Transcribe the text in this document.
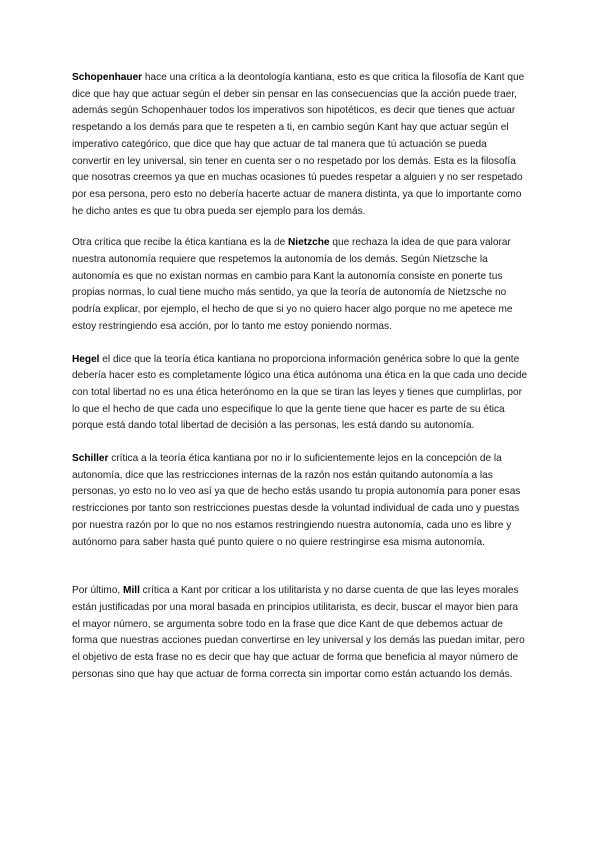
Schopenhauer hace una crítica a la deontología kantiana, esto es que critica la filosofía de Kant que dice que hay que actuar según el deber sin pensar en las consecuencias que la acción puede traer, además según Schopenhauer todos los imperativos son hipotéticos, es decir que tienes que actuar respetando a los demás para que te respeten a ti, en cambio según Kant hay que actuar según el imperativo categórico, que dice que hay que actuar de tal manera que tú actuación se pueda convertir en ley universal, sin tener en cuenta ser o no respetado por los demás. Esta es la filosofía que nosotras creemos ya que en muchas ocasiones tú puedes respetar a alguien y no ser respetado por esa persona, pero esto no debería hacerte actuar de manera distinta, ya que lo importante como he dicho antes es que tu obra pueda ser ejemplo para los demás.

Otra crítica que recibe la ética kantiana es la de Nietzche que rechaza la idea de que para valorar nuestra autonomía requiere que respetemos la autonomía de los demás. Según Nietzsche la autonomía es que no existan normas en cambio para Kant la autonomía consiste en ponerte tus propias normas, lo cual tiene mucho más sentido, ya que la teoría de autonomía de Nietzsche no podría explicar, por ejemplo, el hecho de que si yo no quiero hacer algo porque no me apetece me estoy restringiendo esa acción, por lo tanto me estoy poniendo normas.

Hegel el dice que la teoría ética kantiana no proporciona información genérica sobre lo que la gente debería hacer esto es completamente lógico una ética autónoma una ética en la que cada uno decide con total libertad no es una ética heterónomo en la que se tiran las leyes y tienes que cumplirlas, por lo que el hecho de que cada uno especifique lo que la gente tiene que hacer es parte de su ética porque está dando total libertad de decisión a las personas, les está dando su autonomía.

Schiller crítica a la teoría ética kantiana por no ir lo suficientemente lejos en la concepción de la autonomía, dice que las restricciones internas de la razón nos están quitando autonomía a las personas, yo esto no lo veo así ya que de hecho estás usando tu propia autonomía para poner esas restricciones por tanto son restricciones puestas desde la voluntad individual de cada uno y puestas por nuestra razón por lo que no nos estamos restringiendo nuestra autonomía, cada uno es libre y autónomo para saber hasta qué punto quiere o no quiere restringirse esa misma autonomía.

Por último, Mill crítica a Kant por criticar a los utilitarista y no darse cuenta de que las leyes morales están justificadas por una moral basada en principios utilitarista, es decir, buscar el mayor bien para el mayor número, se argumenta sobre todo en la frase que dice Kant de que debemos actuar de forma que nuestras acciones puedan convertirse en ley universal y los demás las puedan imitar, pero el objetivo de esta frase no es decir que hay que actuar de forma que beneficia al mayor número de personas sino que hay que actuar de forma correcta sin importar como están actuando los demás.
